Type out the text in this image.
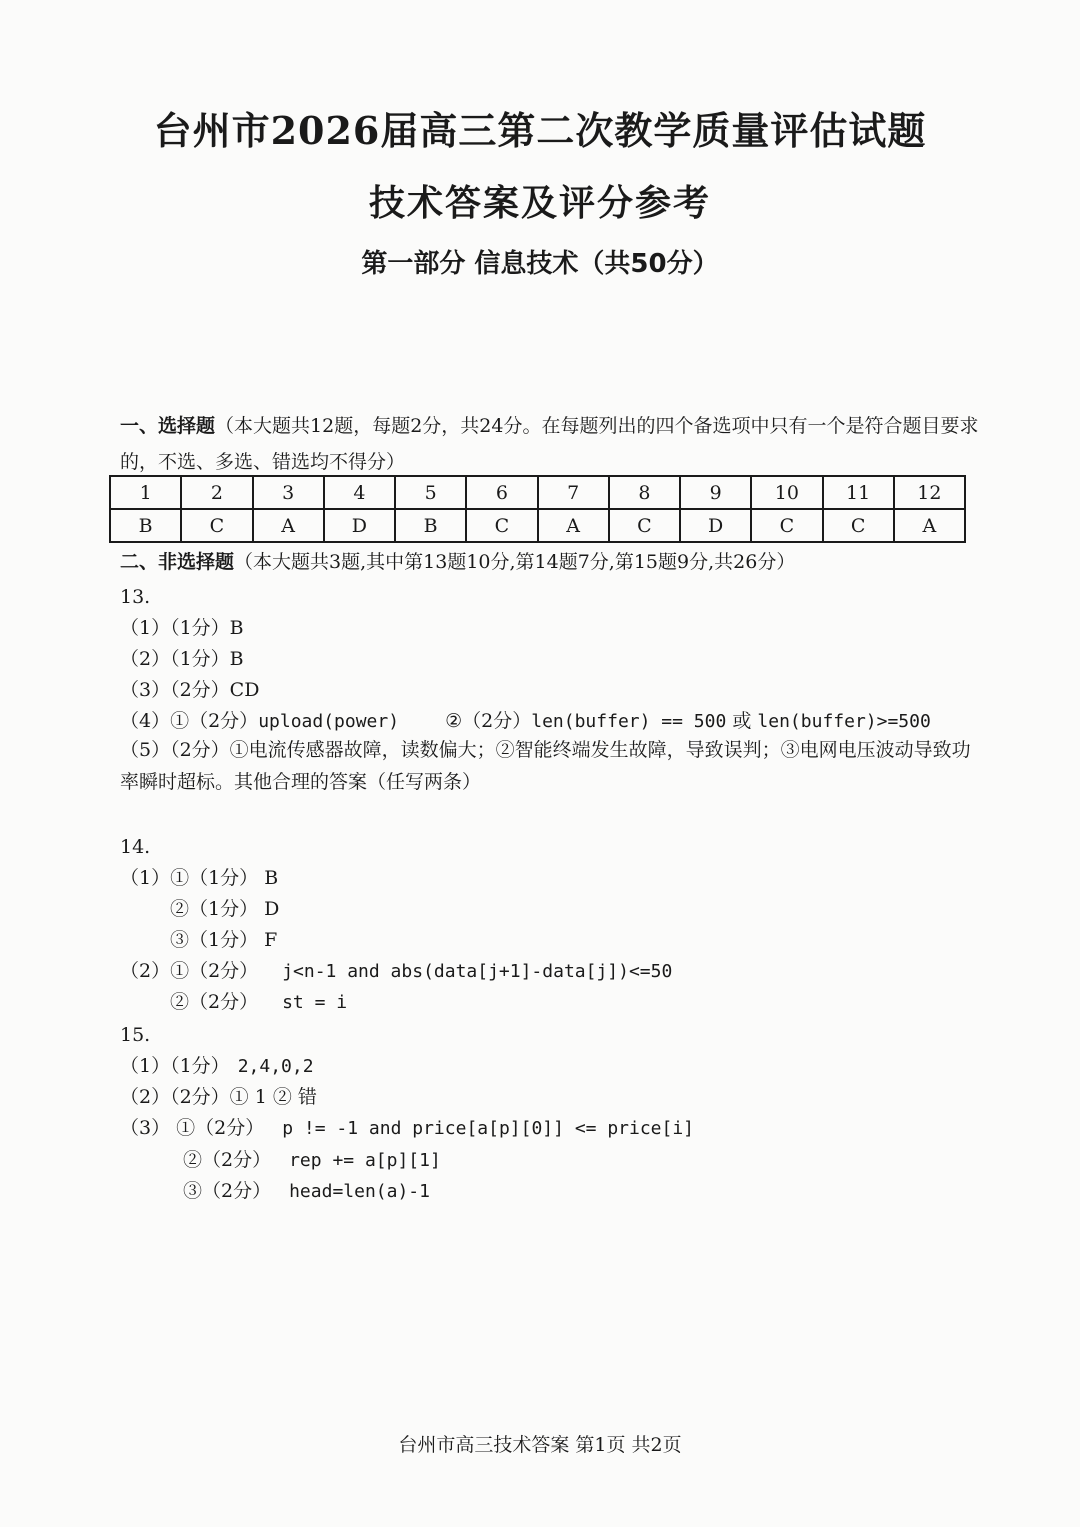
台州市2026届高三第二次教学质量评估试题
技术答案及评分参考
第一部分 信息技术（共50分）
一、选择题（本大题共12题，每题2分，共24分。在每题列出的四个备选项中只有一个是符合题目要求的，不选、多选、错选均不得分）
1	2	3	4	5	6	7	8	9	10	11	12
B	C	A	D	B	C	A	C	D	C	C	A
二、非选择题（本大题共3题,其中第13题10分,第14题7分,第15题9分,共26分）
13.
（1）（1分）B
（2）（1分）B
（3）（2分）CD
（4）①（2分）upload(power) ②（2分）len(buffer) == 500 或 len(buffer)>=500
（5）（2分）①电流传感器故障，读数偏大；②智能终端发生故障，导致误判；③电网电压波动导致功率瞬时超标。其他合理的答案（任写两条）
14.
（1）①（1分） B
②（1分） D
③（1分） F
（2）①（2分） j<n-1 and abs(data[j+1]-data[j])<=50
②（2分） st = i
15.
（1）（1分） 2,4,0,2
（2）（2分）① 1 ② 错
（3） ①（2分） p != -1 and price[a[p][0]] <= price[i]
②（2分） rep += a[p][1]
③（2分） head=len(a)-1
台州市高三技术答案 第1页 共2页
